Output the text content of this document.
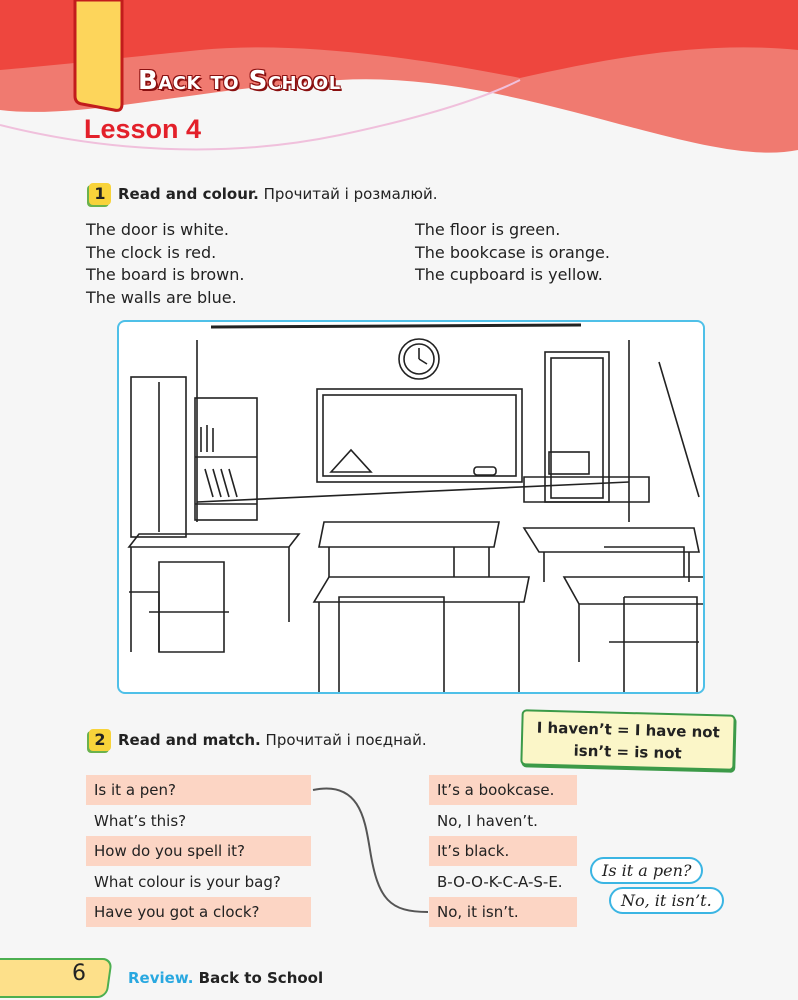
Back to School
Lesson 4
1 Read and colour. Прочитай і розмалюй.
The door is white.
The clock is red.
The board is brown.
The walls are blue.
The floor is green.
The bookcase is orange.
The cupboard is yellow.
2 Read and match. Прочитай і поєднай.	I haven’t = I have not
isn’t = is not
Is it a pen?
What’s this?
How do you spell it?
What colour is your bag?
Have you got a clock?
It’s a bookcase.
No, I haven’t.
It’s black.
B-O-O-K-C-A-S-E.
No, it isn’t.
Is it a pen?
No, it isn’t.
6	Review. Back to School
